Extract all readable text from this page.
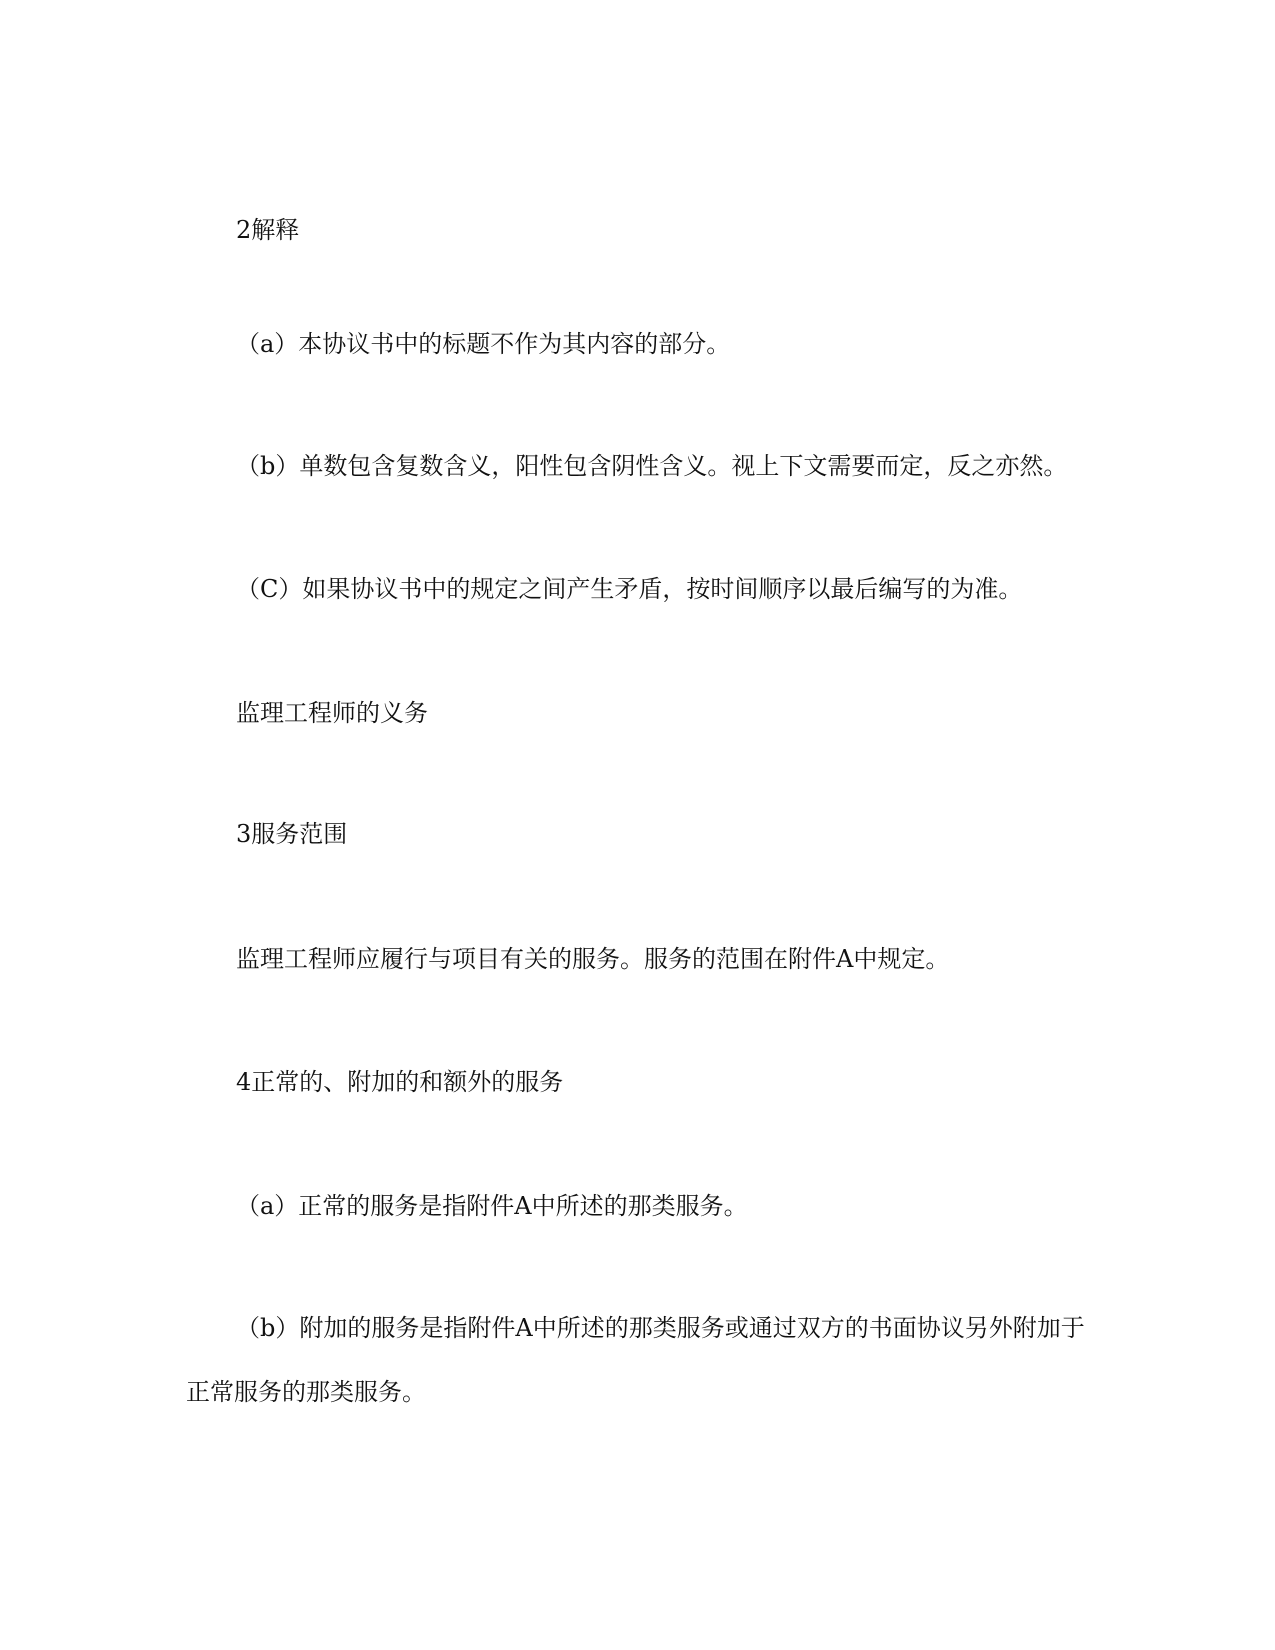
2解释
（a）本协议书中的标题不作为其内容的部分。
（b）单数包含复数含义，阳性包含阴性含义。视上下文需要而定，反之亦然。
（C）如果协议书中的规定之间产生矛盾，按时间顺序以最后编写的为准。
监理工程师的义务
3服务范围
监理工程师应履行与项目有关的服务。服务的范围在附件A中规定。
4正常的、附加的和额外的服务
（a）正常的服务是指附件A中所述的那类服务。
（b）附加的服务是指附件A中所述的那类服务或通过双方的书面协议另外附加于正常服务的那类服务。
